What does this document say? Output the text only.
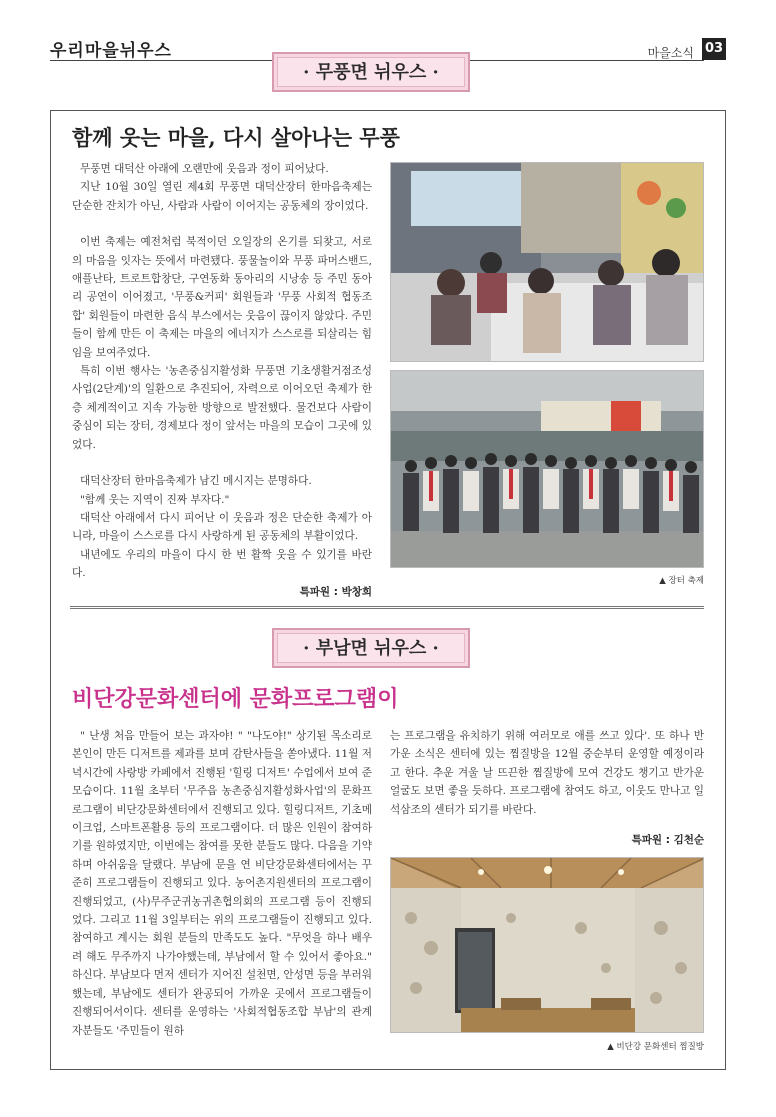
우리마을뉘우스	마을소식 03
· 무풍면 뉘우스 ·
함께 웃는 마을, 다시 살아나는 무풍

무풍면 대덕산 아래에 오랜만에 웃음과 정이 피어났다.

지난 10월 30일 열린 제4회 무풍면 대덕산장터 한마음축제는 단순한 잔치가 아닌, 사람과 사람이 이어지는 공동체의 장이었다.

이번 축제는 예전처럼 북적이던 오일장의 온기를 되찾고, 서로의 마음을 잇자는 뜻에서 마련됐다. 풍물놀이와 무풍 파머스밴드, 애플난타, 트로트합창단, 구연동화 동아리의 시낭송 등 주민 동아리 공연이 이어졌고, '무풍&커피' 회원들과 '무풍 사회적 협동조합' 회원들이 마련한 음식 부스에서는 웃음이 끊이지 않았다. 주민들이 함께 만든 이 축제는 마을의 에너지가 스스로를 되살리는 힘임을 보여주었다.

특히 이번 행사는 '농촌중심지활성화 무풍면 기초생활거점조성사업(2단계)'의 일환으로 추진되어, 자력으로 이어오던 축제가 한층 체계적이고 지속 가능한 방향으로 발전했다. 물건보다 사람이 중심이 되는 장터, 경제보다 정이 앞서는 마을의 모습이 그곳에 있었다.

대덕산장터 한마음축제가 남긴 메시지는 분명하다.

"함께 웃는 지역이 진짜 부자다."

대덕산 아래에서 다시 피어난 이 웃음과 정은 단순한 축제가 아니라, 마을이 스스로를 다시 사랑하게 된 공동체의 부활이었다.

내년에도 우리의 마을이 다시 한 번 활짝 웃을 수 있기를 바란다.

특파원 : 박창희
▲ 장터 축제
· 부남면 뉘우스 ·
비단강문화센터에 문화프로그램이

" 난생 처음 만들어 보는 과자야! " "나도야!" 상기된 목소리로 본인이 만든 디저트를 제과를 보며 감탄사들을 쏟아냈다. 11월 저녁시간에 사랑방 카페에서 진행된 '힐링 디저트' 수업에서 보여 준 모습이다. 11월 초부터 '무주읍 농촌중심지활성화사업'의 문화프로그램이 비단강문화센터에서 진행되고 있다. 힐링디저트, 기초메이크업, 스마트폰활용 등의 프로그램이다. 더 많은 인원이 참여하기를 원하였지만, 이번에는 참여를 못한 분들도 많다. 다음을 기약하며 아쉬움을 달랬다. 부남에 문을 연 비단강문화센터에서는 꾸준히 프로그램들이 진행되고 있다. 농어촌지원센터의 프로그램이 진행되었고, (사)무주군귀농귀촌협의회의 프로그램 등이 진행되었다. 그리고 11월 3일부터는 위의 프로그램들이 진행되고 있다. 참여하고 계시는 회원 분들의 만족도도 높다. "무엇을 하나 배우려 해도 무주까지 나가야했는데, 부남에서 할 수 있어서 좋아요." 하신다. 부남보다 먼저 센터가 지어진 설천면, 안성면 등을 부러워했는데, 부남에도 센터가 완공되어 가까운 곳에서 프로그램들이 진행되어서이다. 센터를 운영하는 '사회적협동조합 부남'의 관계자분들도 '주민들이 원하

는 프로그램을 유치하기 위해 여러모로 애를 쓰고 있다'. 또 하나 반가운 소식은 센터에 있는 찜질방을 12월 중순부터 운영할 예정이라고 한다. 추운 겨울 날 뜨끈한 찜질방에 모여 건강도 챙기고 반가운 얼굴도 보면 좋을 듯하다. 프로그램에 참여도 하고, 이웃도 만나고 일석삼조의 센터가 되기를 바란다.

특파원 : 김천순
▲ 비단강 문화센터 찜질방
